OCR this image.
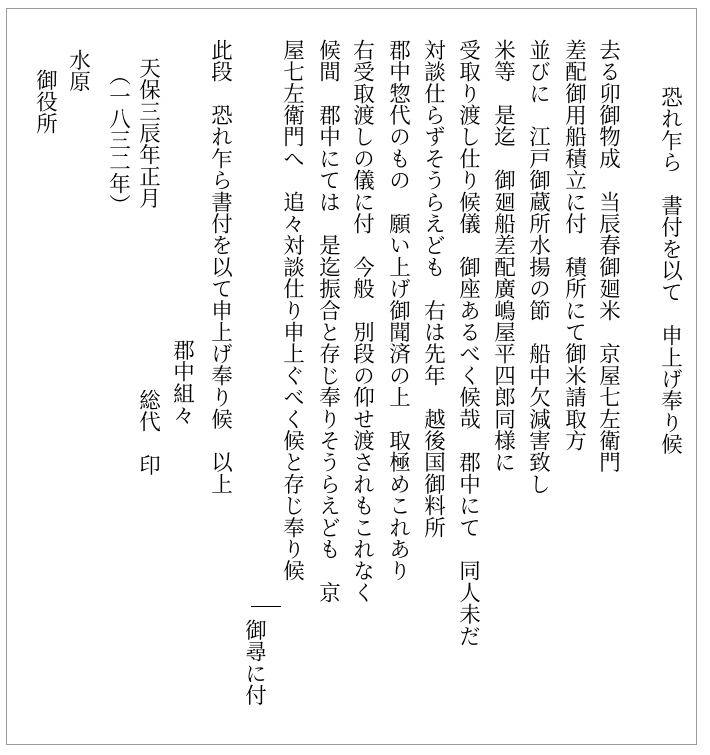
恐れ乍ら　書付を以て　申上げ奉り候
去る卯御物成　当辰春御廻米　京屋七左衛門
差配御用船積立に付　積所にて御米請取方
並びに　江戸御蔵所水揚の節　船中欠減害致し
米等　是迄　御廻船差配廣嶋屋平四郎同様に
受取り渡し仕り候儀　御座あるべく候哉　郡中にて　同人未だ
対談仕らずそうらえども　右は先年　越後国御料所
郡中惣代のもの　願い上げ御聞済の上　取極めこれあり
右受取渡しの儀に付　今般　別段の仰せ渡されもこれなく
候間　郡中にては　是迄振合と存じ奉りそうらえども　京
屋七左衛門へ　追々対談仕り申上ぐべく候と存じ奉り候
御尋に付
此段　恐れ乍ら書付を以て申上げ奉り候　以上
郡中組々
総代　印
天保三辰年正月
（一八三二年）
水原
御役所
